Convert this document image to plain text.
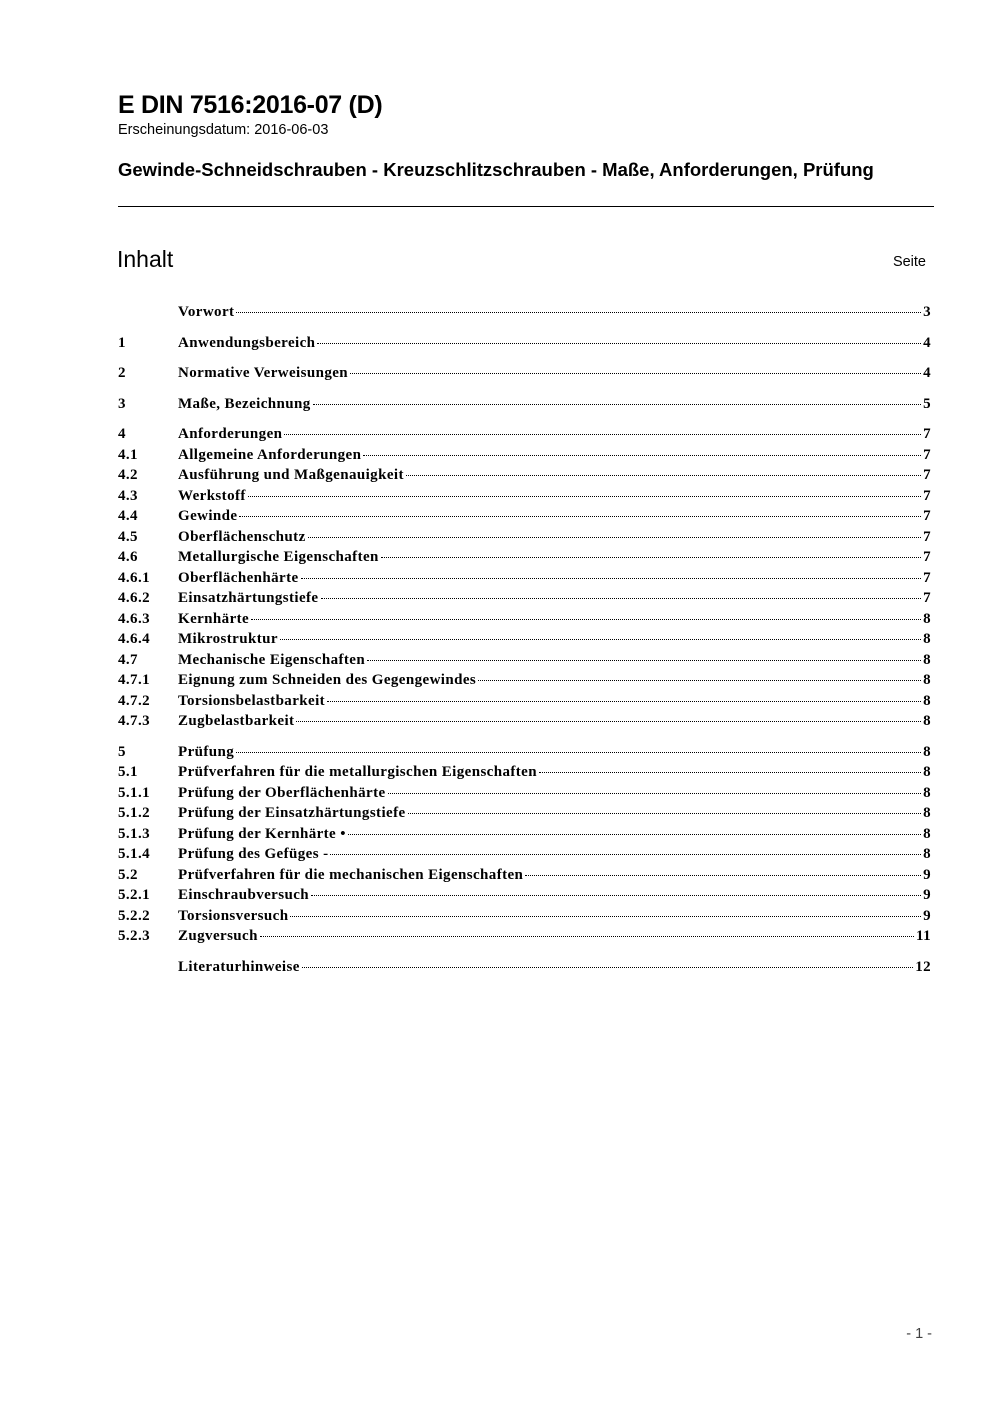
E DIN 7516:2016-07 (D)
Erscheinungsdatum: 2016-06-03
Gewinde-Schneidschrauben - Kreuzschlitzschrauben - Maße, Anforderungen, Prüfung
Inhalt	Seite
Vorwort	3
1	Anwendungsbereich	4
2	Normative Verweisungen	4
3	Maße, Bezeichnung	5
4	Anforderungen	7
4.1	Allgemeine Anforderungen	7
4.2	Ausführung und Maßgenauigkeit	7
4.3	Werkstoff	7
4.4	Gewinde	7
4.5	Oberflächenschutz	7
4.6	Metallurgische Eigenschaften	7
4.6.1	Oberflächenhärte	7
4.6.2	Einsatzhärtungstiefe	7
4.6.3	Kernhärte	8
4.6.4	Mikrostruktur	8
4.7	Mechanische Eigenschaften	8
4.7.1	Eignung zum Schneiden des Gegengewindes	8
4.7.2	Torsionsbelastbarkeit	8
4.7.3	Zugbelastbarkeit	8
5	Prüfung	8
5.1	Prüfverfahren für die metallurgischen Eigenschaften	8
5.1.1	Prüfung der Oberflächenhärte	8
5.1.2	Prüfung der Einsatzhärtungstiefe	8
5.1.3	Prüfung der Kernhärte •	8
5.1.4	Prüfung des Gefüges -	8
5.2	Prüfverfahren für die mechanischen Eigenschaften	9
5.2.1	Einschraubversuch	9
5.2.2	Torsionsversuch	9
5.2.3	Zugversuch	11
Literaturhinweise	12
- 1 -
